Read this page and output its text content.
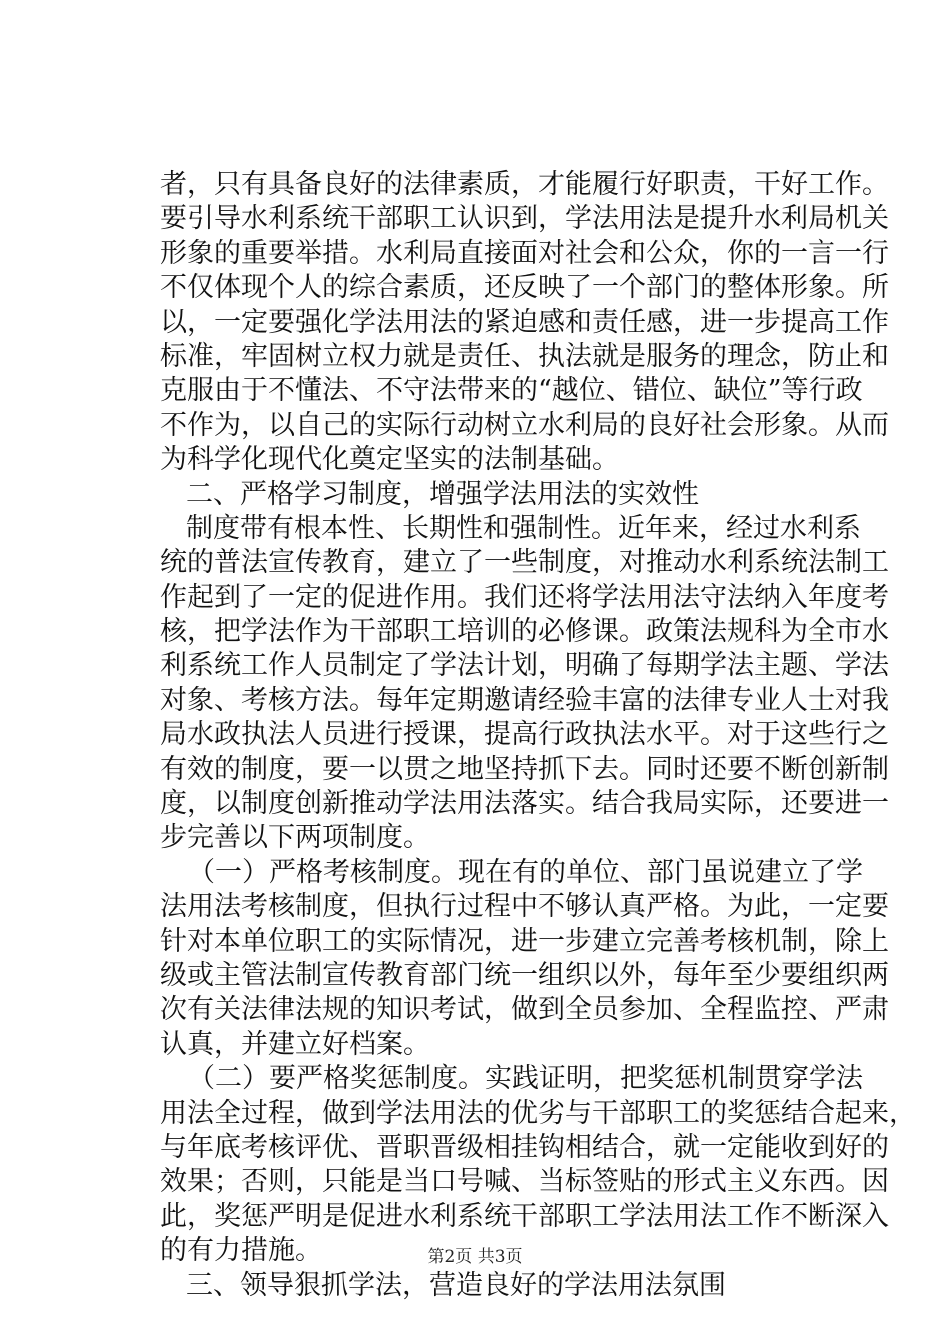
者，只有具备良好的法律素质，才能履行好职责，干好工作。
要引导水利系统干部职工认识到，学法用法是提升水利局机关
形象的重要举措。水利局直接面对社会和公众，你的一言一行
不仅体现个人的综合素质，还反映了一个部门的整体形象。所
以，一定要强化学法用法的紧迫感和责任感，进一步提高工作
标准，牢固树立权力就是责任、执法就是服务的理念，防止和
克服由于不懂法、不守法带来的“越位、错位、缺位”等行政
不作为，以自己的实际行动树立水利局的良好社会形象。从而
为科学化现代化奠定坚实的法制基础。
二、严格学习制度，增强学法用法的实效性
制度带有根本性、长期性和强制性。近年来，经过水利系
统的普法宣传教育，建立了一些制度，对推动水利系统法制工
作起到了一定的促进作用。我们还将学法用法守法纳入年度考
核，把学法作为干部职工培训的必修课。政策法规科为全市水
利系统工作人员制定了学法计划，明确了每期学法主题、学法
对象、考核方法。每年定期邀请经验丰富的法律专业人士对我
局水政执法人员进行授课，提高行政执法水平。对于这些行之
有效的制度，要一以贯之地坚持抓下去。同时还要不断创新制
度，以制度创新推动学法用法落实。结合我局实际，还要进一
步完善以下两项制度。
（一）严格考核制度。现在有的单位、部门虽说建立了学
法用法考核制度，但执行过程中不够认真严格。为此，一定要
针对本单位职工的实际情况，进一步建立完善考核机制，除上
级或主管法制宣传教育部门统一组织以外，每年至少要组织两
次有关法律法规的知识考试，做到全员参加、全程监控、严肃
认真，并建立好档案。
（二）要严格奖惩制度。实践证明，把奖惩机制贯穿学法
用法全过程，做到学法用法的优劣与干部职工的奖惩结合起来，
与年底考核评优、晋职晋级相挂钩相结合，就一定能收到好的
效果；否则，只能是当口号喊、当标签贴的形式主义东西。因
此，奖惩严明是促进水利系统干部职工学法用法工作不断深入
的有力措施。
三、领导狠抓学法，营造良好的学法用法氛围
第2页 共3页
